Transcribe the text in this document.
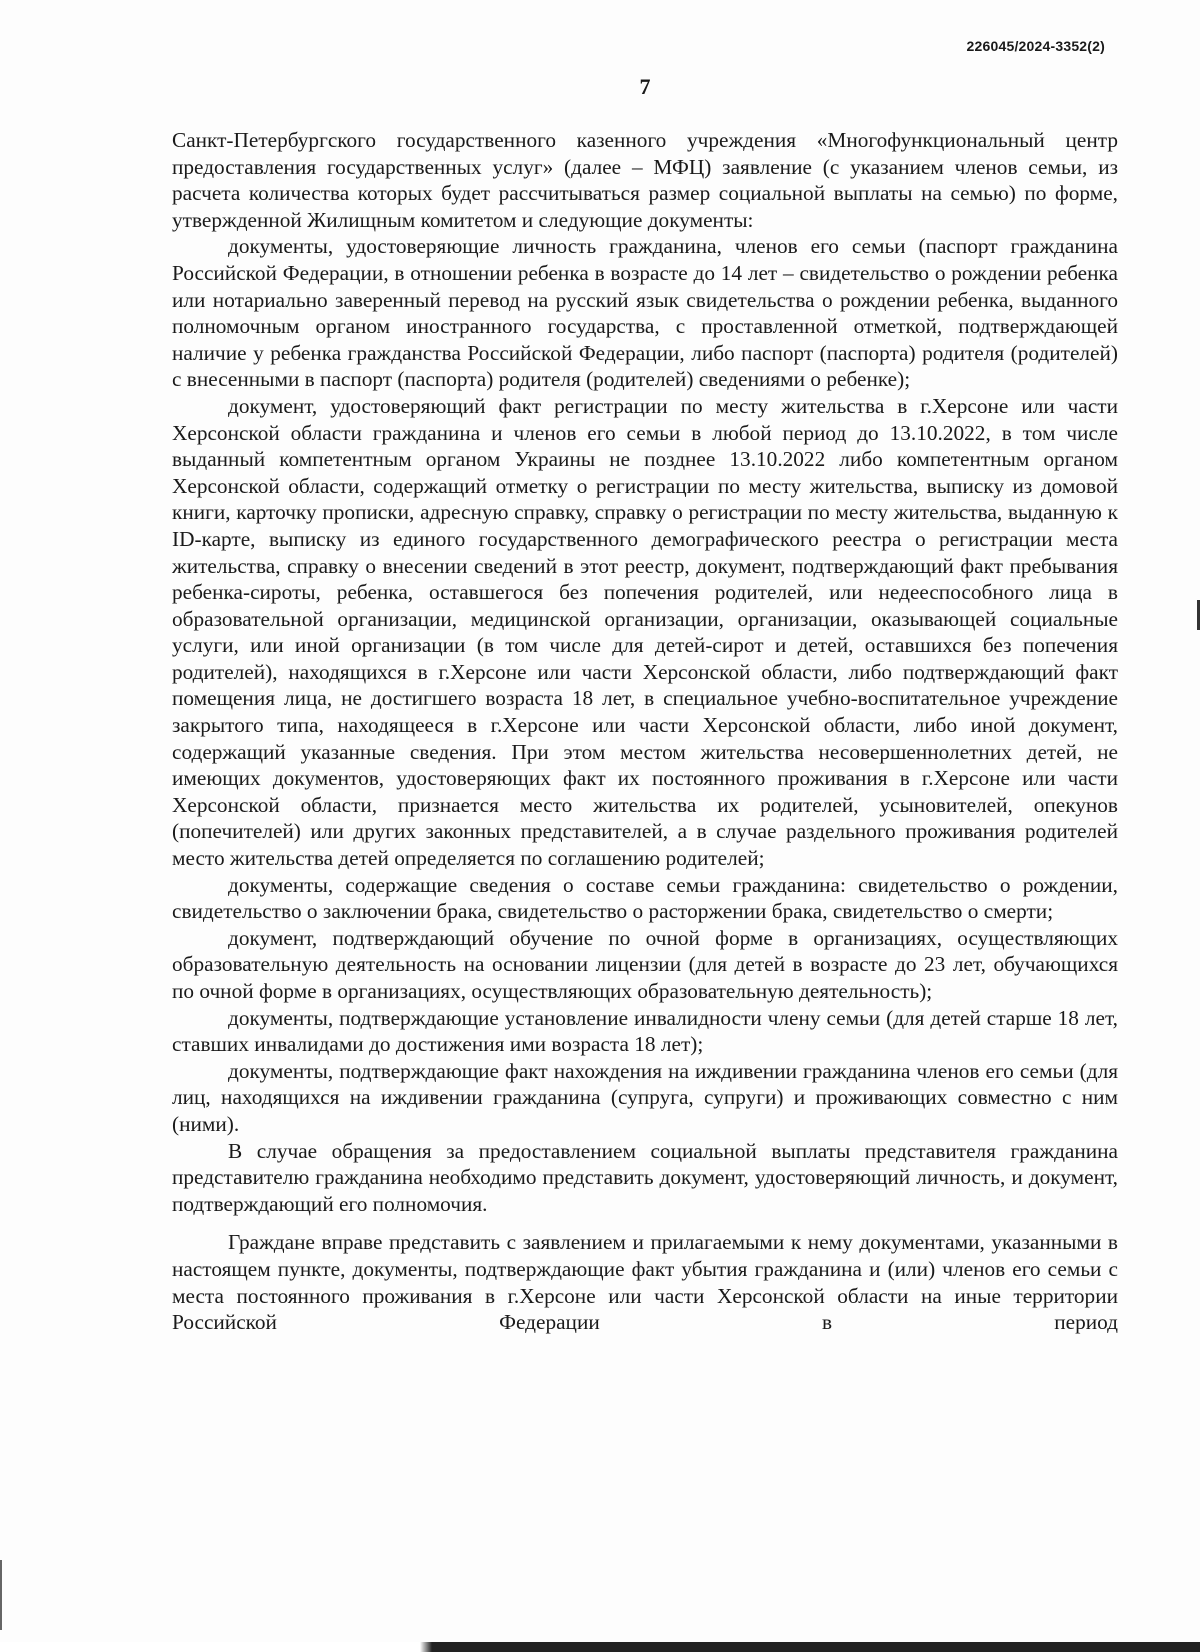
226045/2024-3352(2)
7

Санкт-Петербургского государственного казенного учреждения «Многофункциональный центр предоставления государственных услуг» (далее – МФЦ) заявление (с указанием членов семьи, из расчета количества которых будет рассчитываться размер социальной выплаты на семью) по форме, утвержденной Жилищным комитетом и следующие документы:

документы, удостоверяющие личность гражданина, членов его семьи (паспорт гражданина Российской Федерации, в отношении ребенка в возрасте до 14 лет – свидетельство о рождении ребенка или нотариально заверенный перевод на русский язык свидетельства о рождении ребенка, выданного полномочным органом иностранного государства, с проставленной отметкой, подтверждающей наличие у ребенка гражданства Российской Федерации, либо паспорт (паспорта) родителя (родителей) с внесенными в паспорт (паспорта) родителя (родителей) сведениями о ребенке);

документ, удостоверяющий факт регистрации по месту жительства в г.Херсоне или части Херсонской области гражданина и членов его семьи в любой период до 13.10.2022, в том числе выданный компетентным органом Украины не позднее 13.10.2022 либо компетентным органом Херсонской области, содержащий отметку о регистрации по месту жительства, выписку из домовой книги, карточку прописки, адресную справку, справку о регистрации по месту жительства, выданную к ID-карте, выписку из единого государственного демографического реестра о регистрации места жительства, справку о внесении сведений в этот реестр, документ, подтверждающий факт пребывания ребенка-сироты, ребенка, оставшегося без попечения родителей, или недееспособного лица в образовательной организации, медицинской организации, организации, оказывающей социальные услуги, или иной организации (в том числе для детей-сирот и детей, оставшихся без попечения родителей), находящихся в г.Херсоне или части Херсонской области, либо подтверждающий факт помещения лица, не достигшего возраста 18 лет, в специальное учебно-воспитательное учреждение закрытого типа, находящееся в г.Херсоне или части Херсонской области, либо иной документ, содержащий указанные сведения. При этом местом жительства несовершеннолетних детей, не имеющих документов, удостоверяющих факт их постоянного проживания в г.Херсоне или части Херсонской области, признается место жительства их родителей, усыновителей, опекунов (попечителей) или других законных представителей, а в случае раздельного проживания родителей место жительства детей определяется по соглашению родителей;

документы, содержащие сведения о составе семьи гражданина: свидетельство о рождении, свидетельство о заключении брака, свидетельство о расторжении брака, свидетельство о смерти;

документ, подтверждающий обучение по очной форме в организациях, осуществляющих образовательную деятельность на основании лицензии (для детей в возрасте до 23 лет, обучающихся по очной форме в организациях, осуществляющих образовательную деятельность);

документы, подтверждающие установление инвалидности члену семьи (для детей старше 18 лет, ставших инвалидами до достижения ими возраста 18 лет);

документы, подтверждающие факт нахождения на иждивении гражданина членов его семьи (для лиц, находящихся на иждивении гражданина (супруга, супруги) и проживающих совместно с ним (ними).

В случае обращения за предоставлением социальной выплаты представителя гражданина представителю гражданина необходимо представить документ, удостоверяющий личность, и документ, подтверждающий его полномочия.

Граждане вправе представить с заявлением и прилагаемыми к нему документами, указанными в настоящем пункте, документы, подтверждающие факт убытия гражданина и (или) членов его семьи с места постоянного проживания в г.Херсоне или части Херсонской области на иные территории Российской Федерации в период
